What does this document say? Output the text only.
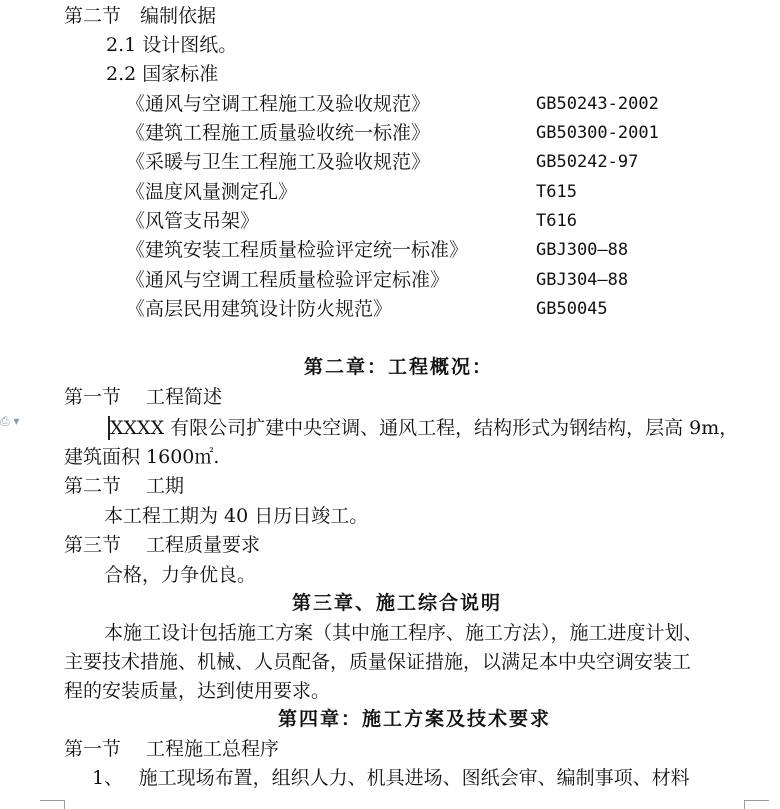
第二节　编制依据
2.1 设计图纸。
2.2 国家标准
《通风与空调工程施工及验收规范》	GB50243-2002
《建筑工程施工质量验收统一标准》	GB50300-2001
《采暖与卫生工程施工及验收规范》	GB50242-97
《温度风量测定孔》	T615
《风管支吊架》	T616
《建筑安装工程质量检验评定统一标准》	GBJ300—88
《通风与空调工程质量检验评定标准》	GBJ304—88
《高层民用建筑设计防火规范》	GB50045
第二章：工程概况：
第一节　 工程简述
⎙ ▾	XXXX 有限公司扩建中央空调、通风工程，结构形式为钢结构，层高 9m，
建筑面积 1600㎡.
第二节　 工期
本工程工期为 40 日历日竣工。
第三节　 工程质量要求
合格，力争优良。
第三章、施工综合说明
本施工设计包括施工方案（其中施工程序、施工方法），施工进度计划、
主要技术措施、机械、人员配备，质量保证措施，以满足本中央空调安装工
程的安装质量，达到使用要求。
第四章：施工方案及技术要求
第一节　 工程施工总程序
1、　 施工现场布置，组织人力、机具进场、图纸会审、编制事项、材料
